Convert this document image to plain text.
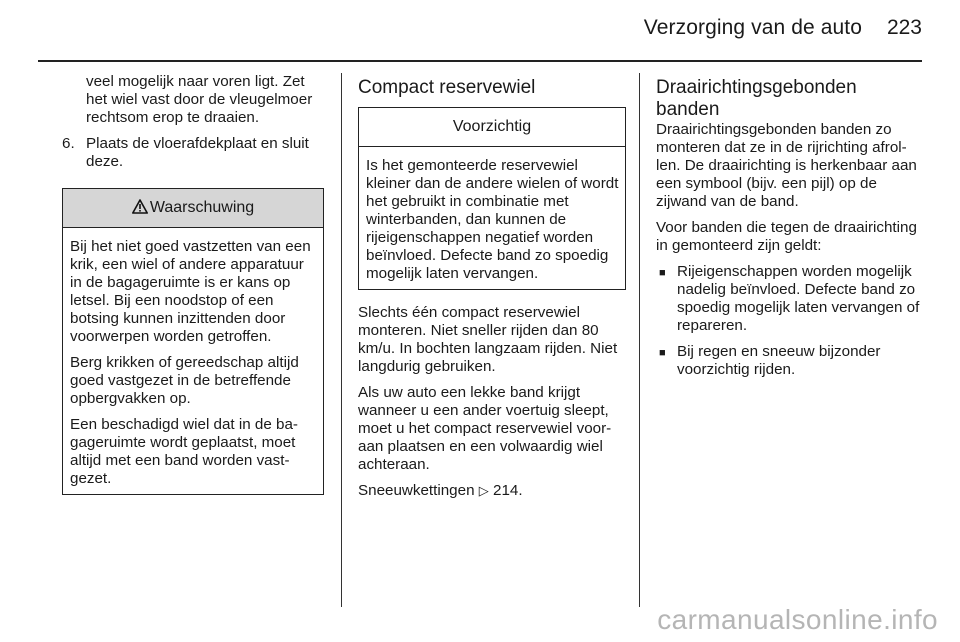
Verzorging van de auto 223

veel mogelijk naar voren ligt. Zet het wiel vast door de vleugelmoer rechtsom erop te draaien.

6. Plaats de vloerafdekplaat en sluit deze.

Waarschuwing

Bij het niet goed vastzetten van een krik, een wiel of andere apparatuur in de bagageruimte is er kans op letsel. Bij een noodstop of een botsing kunnen inzittenden door voorwerpen worden getroffen.

Berg krikken of gereedschap altijd goed vastgezet in de betreffende opbergvakken op.

Een beschadigd wiel dat in de bagageruimte wordt geplaatst, moet altijd met een band worden vastgezet.

Compact reservewiel
Voorzichtig

Is het gemonteerde reservewiel kleiner dan de andere wielen of wordt het gebruikt in combinatie met winterbanden, dan kunnen de rijeigenschappen negatief worden beïnvloed. Defecte band zo spoedig mogelijk laten vervangen.

Slechts één compact reservewiel monteren. Niet sneller rijden dan 80 km/u. In bochten langzaam rijden. Niet langdurig gebruiken.

Als uw auto een lekke band krijgt wanneer u een ander voertuig sleept, moet u het compact reservewiel vooraan plaatsen en een volwaardig wiel achteraan.

Sneeuwkettingen ▷ 214.

Draairichtingsgebonden banden

Draairichtingsgebonden banden zo monteren dat ze in de rijrichting afrollen. De draairichting is herkenbaar aan een symbool (bijv. een pijl) op de zijwand van de band.

Voor banden die tegen de draairichting in gemonteerd zijn geldt:

■ Rijeigenschappen worden mogelijk nadelig beïnvloed. Defecte band zo spoedig mogelijk laten vervangen of repareren.
■ Bij regen en sneeuw bijzonder voorzichtig rijden.
carmanualsonline.info
